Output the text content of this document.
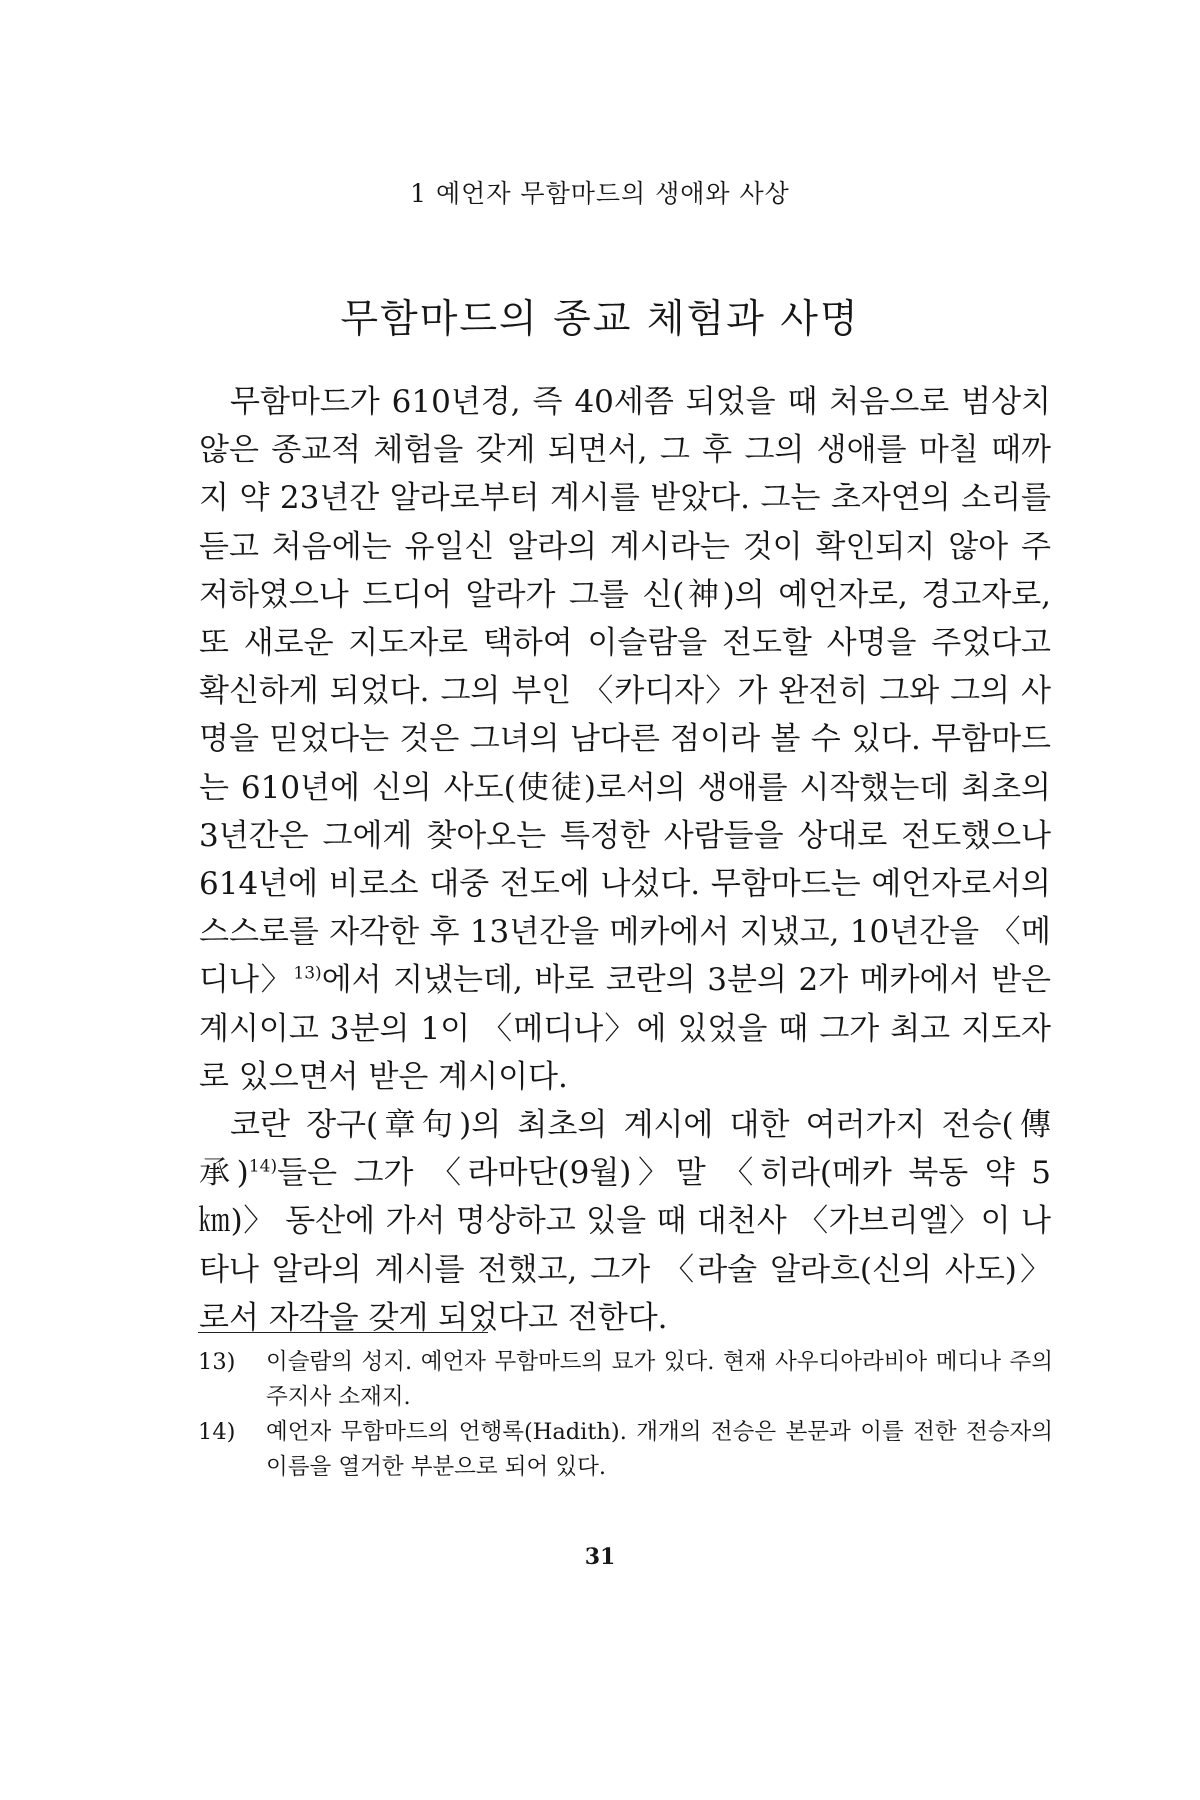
1 예언자 무함마드의 생애와 사상
무함마드의 종교 체험과 사명

무함마드가 610년경, 즉 40세쯤 되었을 때 처음으로 범상치 않은 종교적 체험을 갖게 되면서, 그 후 그의 생애를 마칠 때까지 약 23년간 알라로부터 계시를 받았다. 그는 초자연의 소리를 듣고 처음에는 유일신 알라의 계시라는 것이 확인되지 않아 주저하였으나 드디어 알라가 그를 신(神)의 예언자로, 경고자로, 또 새로운 지도자로 택하여 이슬람을 전도할 사명을 주었다고 확신하게 되었다. 그의 부인 〈카디자〉가 완전히 그와 그의 사명을 믿었다는 것은 그녀의 남다른 점이라 볼 수 있다. 무함마드는 610년에 신의 사도(使徒)로서의 생애를 시작했는데 최초의 3년간은 그에게 찾아오는 특정한 사람들을 상대로 전도했으나 614년에 비로소 대중 전도에 나섰다. 무함마드는 예언자로서의 스스로를 자각한 후 13년간을 메카에서 지냈고, 10년간을 〈메디나〉$^{13)}$에서 지냈는데, 바로 코란의 3분의 2가 메카에서 받은 계시이고 3분의 1이 〈메디나〉에 있었을 때 그가 최고 지도자로 있으면서 받은 계시이다.

코란 장구(章句)의 최초의 계시에 대한 여러가지 전승(傳承)$^{14)}$들은 그가 〈라마단(9월)〉말 〈히라(메카 북동 약 5㎞)〉 동산에 가서 명상하고 있을 때 대천사 〈가브리엘〉이 나타나 알라의 계시를 전했고, 그가 〈라술 알라흐(신의 사도)〉로서 자각을 갖게 되었다고 전한다.

13) 이슬람의 성지. 예언자 무함마드의 묘가 있다. 현재 사우디아라비아 메디나 주의 주지사 소재지.
14) 예언자 무함마드의 언행록(Hadith). 개개의 전승은 본문과 이를 전한 전승자의 이름을 열거한 부분으로 되어 있다.
31
